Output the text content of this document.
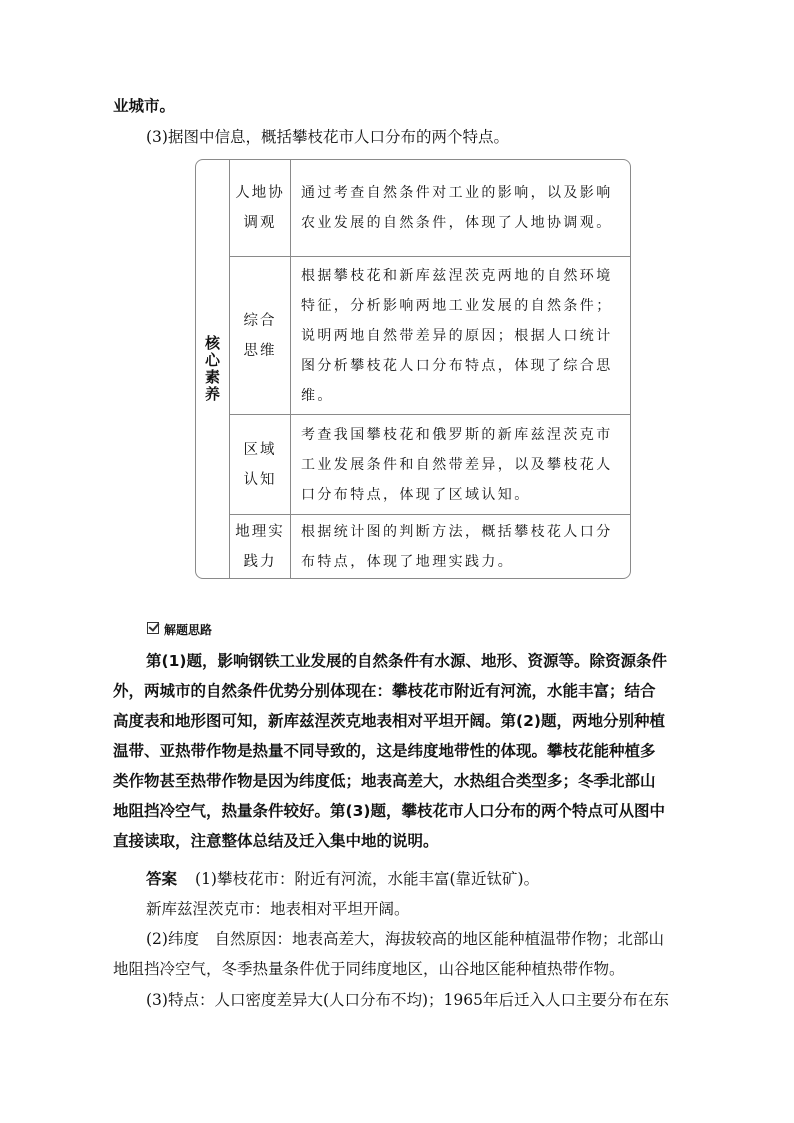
业城市。
(3)据图中信息，概括攀枝花市人口分布的两个特点。
核心素养
人地协
调观
通过考查自然条件对工业的影响，以及影响农业发展的自然条件，体现了人地协调观。
综合
思维
根据攀枝花和新库兹涅茨克两地的自然环境特征，分析影响两地工业发展的自然条件；说明两地自然带差异的原因；根据人口统计图分析攀枝花人口分布特点，体现了综合思维。
区域
认知
考查我国攀枝花和俄罗斯的新库兹涅茨克市工业发展条件和自然带差异，以及攀枝花人口分布特点，体现了区域认知。
地理实
践力
根据统计图的判断方法，概括攀枝花人口分布特点，体现了地理实践力。
解题思路
第(1)题，影响钢铁工业发展的自然条件有水源、地形、资源等。除资源条件
外，两城市的自然条件优势分别体现在：攀枝花市附近有河流，水能丰富；结合
高度表和地形图可知，新库兹涅茨克地表相对平坦开阔。第(2)题，两地分别种植
温带、亚热带作物是热量不同导致的，这是纬度地带性的体现。攀枝花能种植多
类作物甚至热带作物是因为纬度低；地表高差大，水热组合类型多；冬季北部山
地阻挡冷空气，热量条件较好。第(3)题，攀枝花市人口分布的两个特点可从图中
直接读取，注意整体总结及迁入集中地的说明。
答案 (1)攀枝花市：附近有河流，水能丰富(靠近钛矿)。
新库兹涅茨克市：地表相对平坦开阔。
(2)纬度　自然原因：地表高差大，海拔较高的地区能种植温带作物；北部山
地阻挡冷空气，冬季热量条件优于同纬度地区，山谷地区能种植热带作物。
(3)特点：人口密度差异大(人口分布不均)；1965年后迁入人口主要分布在东
